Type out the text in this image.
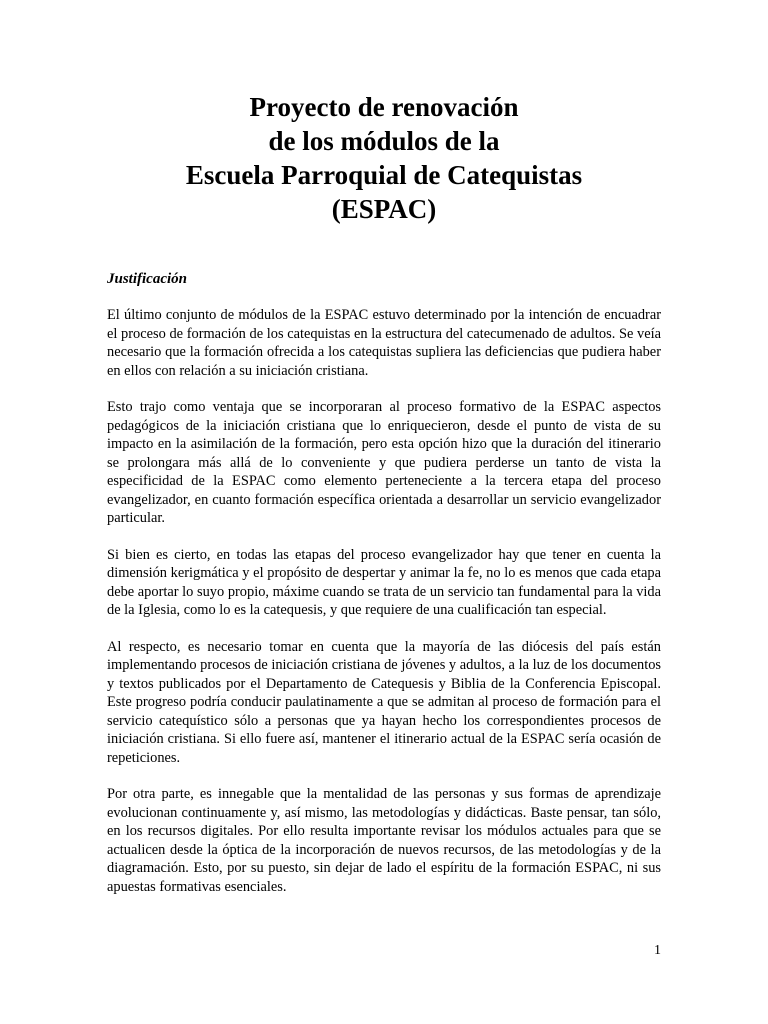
Proyecto de renovación

de los módulos de la

Escuela Parroquial de Catequistas

(ESPAC)

Justificación

El último conjunto de módulos de la ESPAC estuvo determinado por la intención de encuadrar el proceso de formación de los catequistas en la estructura del catecumenado de adultos. Se veía necesario que la formación ofrecida a los catequistas supliera las deficiencias que pudiera haber en ellos con relación a su iniciación cristiana.

Esto trajo como ventaja que se incorporaran al proceso formativo de la ESPAC aspectos pedagógicos de la iniciación cristiana que lo enriquecieron, desde el punto de vista de su impacto en la asimilación de la formación, pero esta opción hizo que la duración del itinerario se prolongara más allá de lo conveniente y que pudiera perderse un tanto de vista la especificidad de la ESPAC como elemento perteneciente a la tercera etapa del proceso evangelizador, en cuanto formación específica orientada a desarrollar un servicio evangelizador particular.

Si bien es cierto, en todas las etapas del proceso evangelizador hay que tener en cuenta la dimensión kerigmática y el propósito de despertar y animar la fe, no lo es menos que cada etapa debe aportar lo suyo propio, máxime cuando se trata de un servicio tan fundamental para la vida de la Iglesia, como lo es la catequesis, y que requiere de una cualificación tan especial.

Al respecto, es necesario tomar en cuenta que la mayoría de las diócesis del país están implementando procesos de iniciación cristiana de jóvenes y adultos, a la luz de los documentos y textos publicados por el Departamento de Catequesis y Biblia de la Conferencia Episcopal. Este progreso podría conducir paulatinamente a que se admitan al proceso de formación para el servicio catequístico sólo a personas que ya hayan hecho los correspondientes procesos de iniciación cristiana. Si ello fuere así, mantener el itinerario actual de la ESPAC sería ocasión de repeticiones.

Por otra parte, es innegable que la mentalidad de las personas y sus formas de aprendizaje evolucionan continuamente y, así mismo, las metodologías y didácticas. Baste pensar, tan sólo, en los recursos digitales. Por ello resulta importante revisar los módulos actuales para que se actualicen desde la óptica de la incorporación de nuevos recursos, de las metodologías y de la diagramación. Esto, por su puesto, sin dejar de lado el espíritu de la formación ESPAC, ni sus apuestas formativas esenciales.

1
